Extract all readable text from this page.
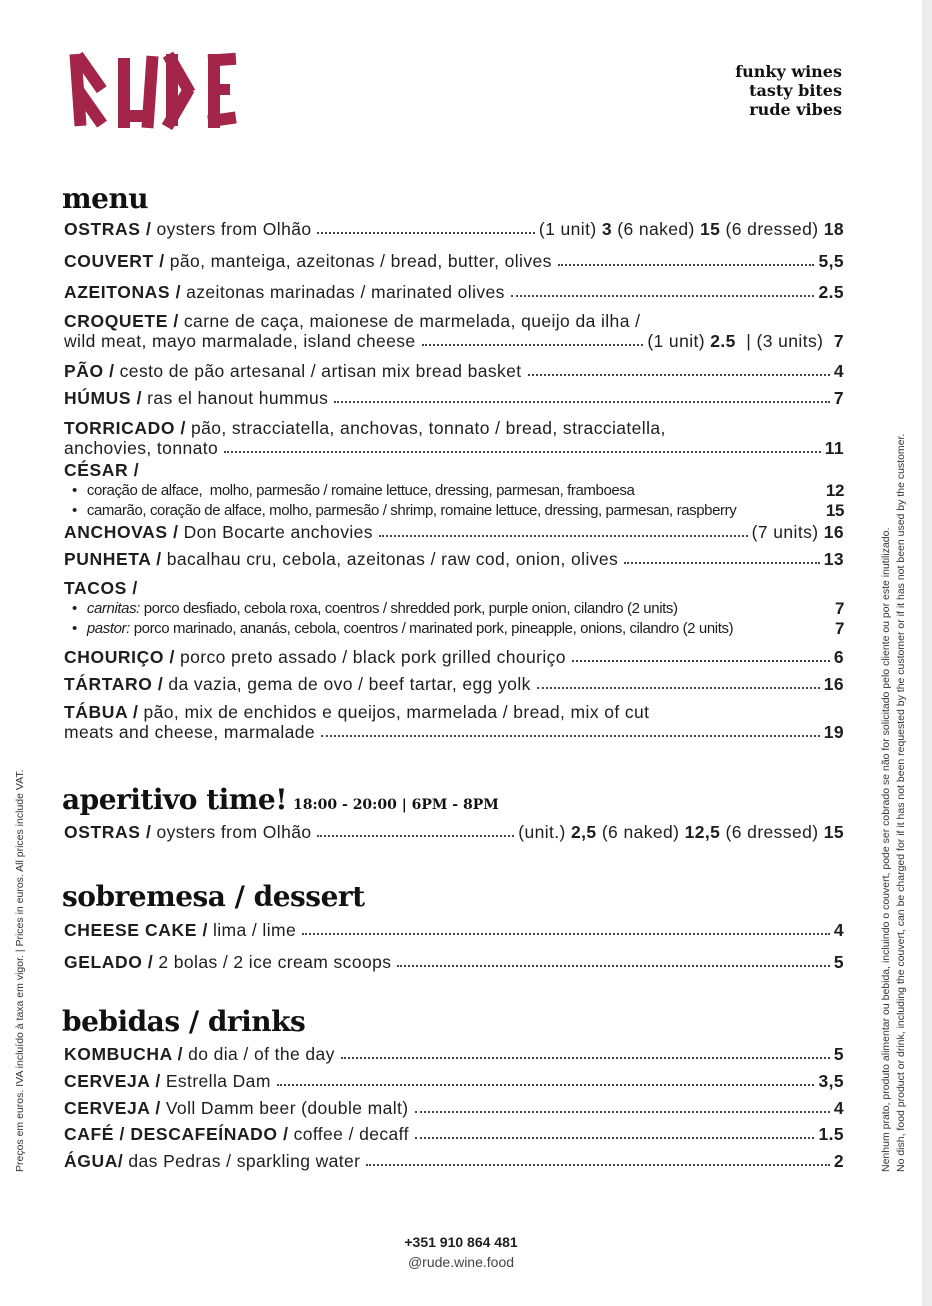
funky wines
tasty bites
rude vibes
menu
OSTRAS / oysters from Olhão	(1 unit) 3 (6 naked) 15 (6 dressed) 18
COUVERT / pão, manteiga, azeitonas / bread, butter, olives	5,5
AZEITONAS / azeitonas marinadas / marinated olives	2.5
CROQUETE / carne de caça, maionese de marmelada, queijo da ilha /
wild meat, mayo marmalade, island cheese	(1 unit) 2.5  | (3 units)  7
PÃO / cesto de pão artesanal / artisan mix bread basket	4
HÚMUS / ras el hanout hummus	7
TORRICADO / pão, stracciatella, anchovas, tonnato / bread, stracciatella,
anchovies, tonnato	11
CÉSAR /
• coração de alface,  molho, parmesão / romaine lettuce, dressing, parmesan, framboesa	12
• camarão, coração de alface, molho, parmesão / shrimp, romaine lettuce, dressing, parmesan, raspberry	15
ANCHOVAS / Don Bocarte anchovies	(7 units) 16
PUNHETA / bacalhau cru, cebola, azeitonas / raw cod, onion, olives	13
TACOS /
• carnitas: porco desfiado, cebola roxa, coentros / shredded pork, purple onion, cilandro (2 units)	7
• pastor: porco marinado, ananás, cebola, coentros / marinated pork, pineapple, onions, cilandro (2 units)	7
CHOURIÇO / porco preto assado / black pork grilled chouriço	6
TÁRTARO / da vazia, gema de ovo / beef tartar, egg yolk	16
TÁBUA / pão, mix de enchidos e queijos, marmelada / bread, mix of cut
meats and cheese, marmalade	19
aperitivo time! 18:00 - 20:00 | 6PM - 8PM
OSTRAS / oysters from Olhão	(unit.) 2,5 (6 naked) 12,5 (6 dressed) 15
sobremesa / dessert
CHEESE CAKE / lima / lime	4
GELADO / 2 bolas / 2 ice cream scoops	5
bebidas / drinks
KOMBUCHA / do dia / of the day	5
CERVEJA / Estrella Dam	3,5
CERVEJA / Voll Damm beer (double malt)	4
CAFÉ / DESCAFEÍNADO / coffee / decaff	1.5
ÁGUA/ das Pedras / sparkling water	2
Preços em euros. IVA incluído à taxa em vigor. | Prices in euros. All prices include VAT.	Nenhum prato, produto alimentar ou bebida, incluindo o couvert, pode ser cobrado se não for solicitado pelo cliente ou por este inutilizado. No dish, food product or drink, including the couvert, can be charged for if it has not been requested by the customer or if it has not been used by the customer.
+351 910 864 481
@rude.wine.food
